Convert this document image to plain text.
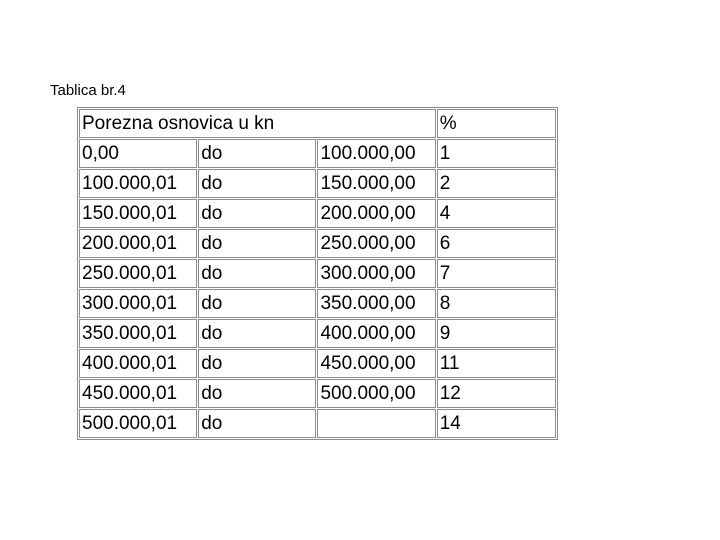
Tablica br.4
Porezna osnovica u kn			%
0,00	do	100.000,00	1
100.000,01	do	150.000,00	2
150.000,01	do	200.000,00	4
200.000,01	do	250.000,00	6
250.000,01	do	300.000,00	7
300.000,01	do	350.000,00	8
350.000,01	do	400.000,00	9
400.000,01	do	450.000,00	11
450.000,01	do	500.000,00	12
500.000,01	do		14
